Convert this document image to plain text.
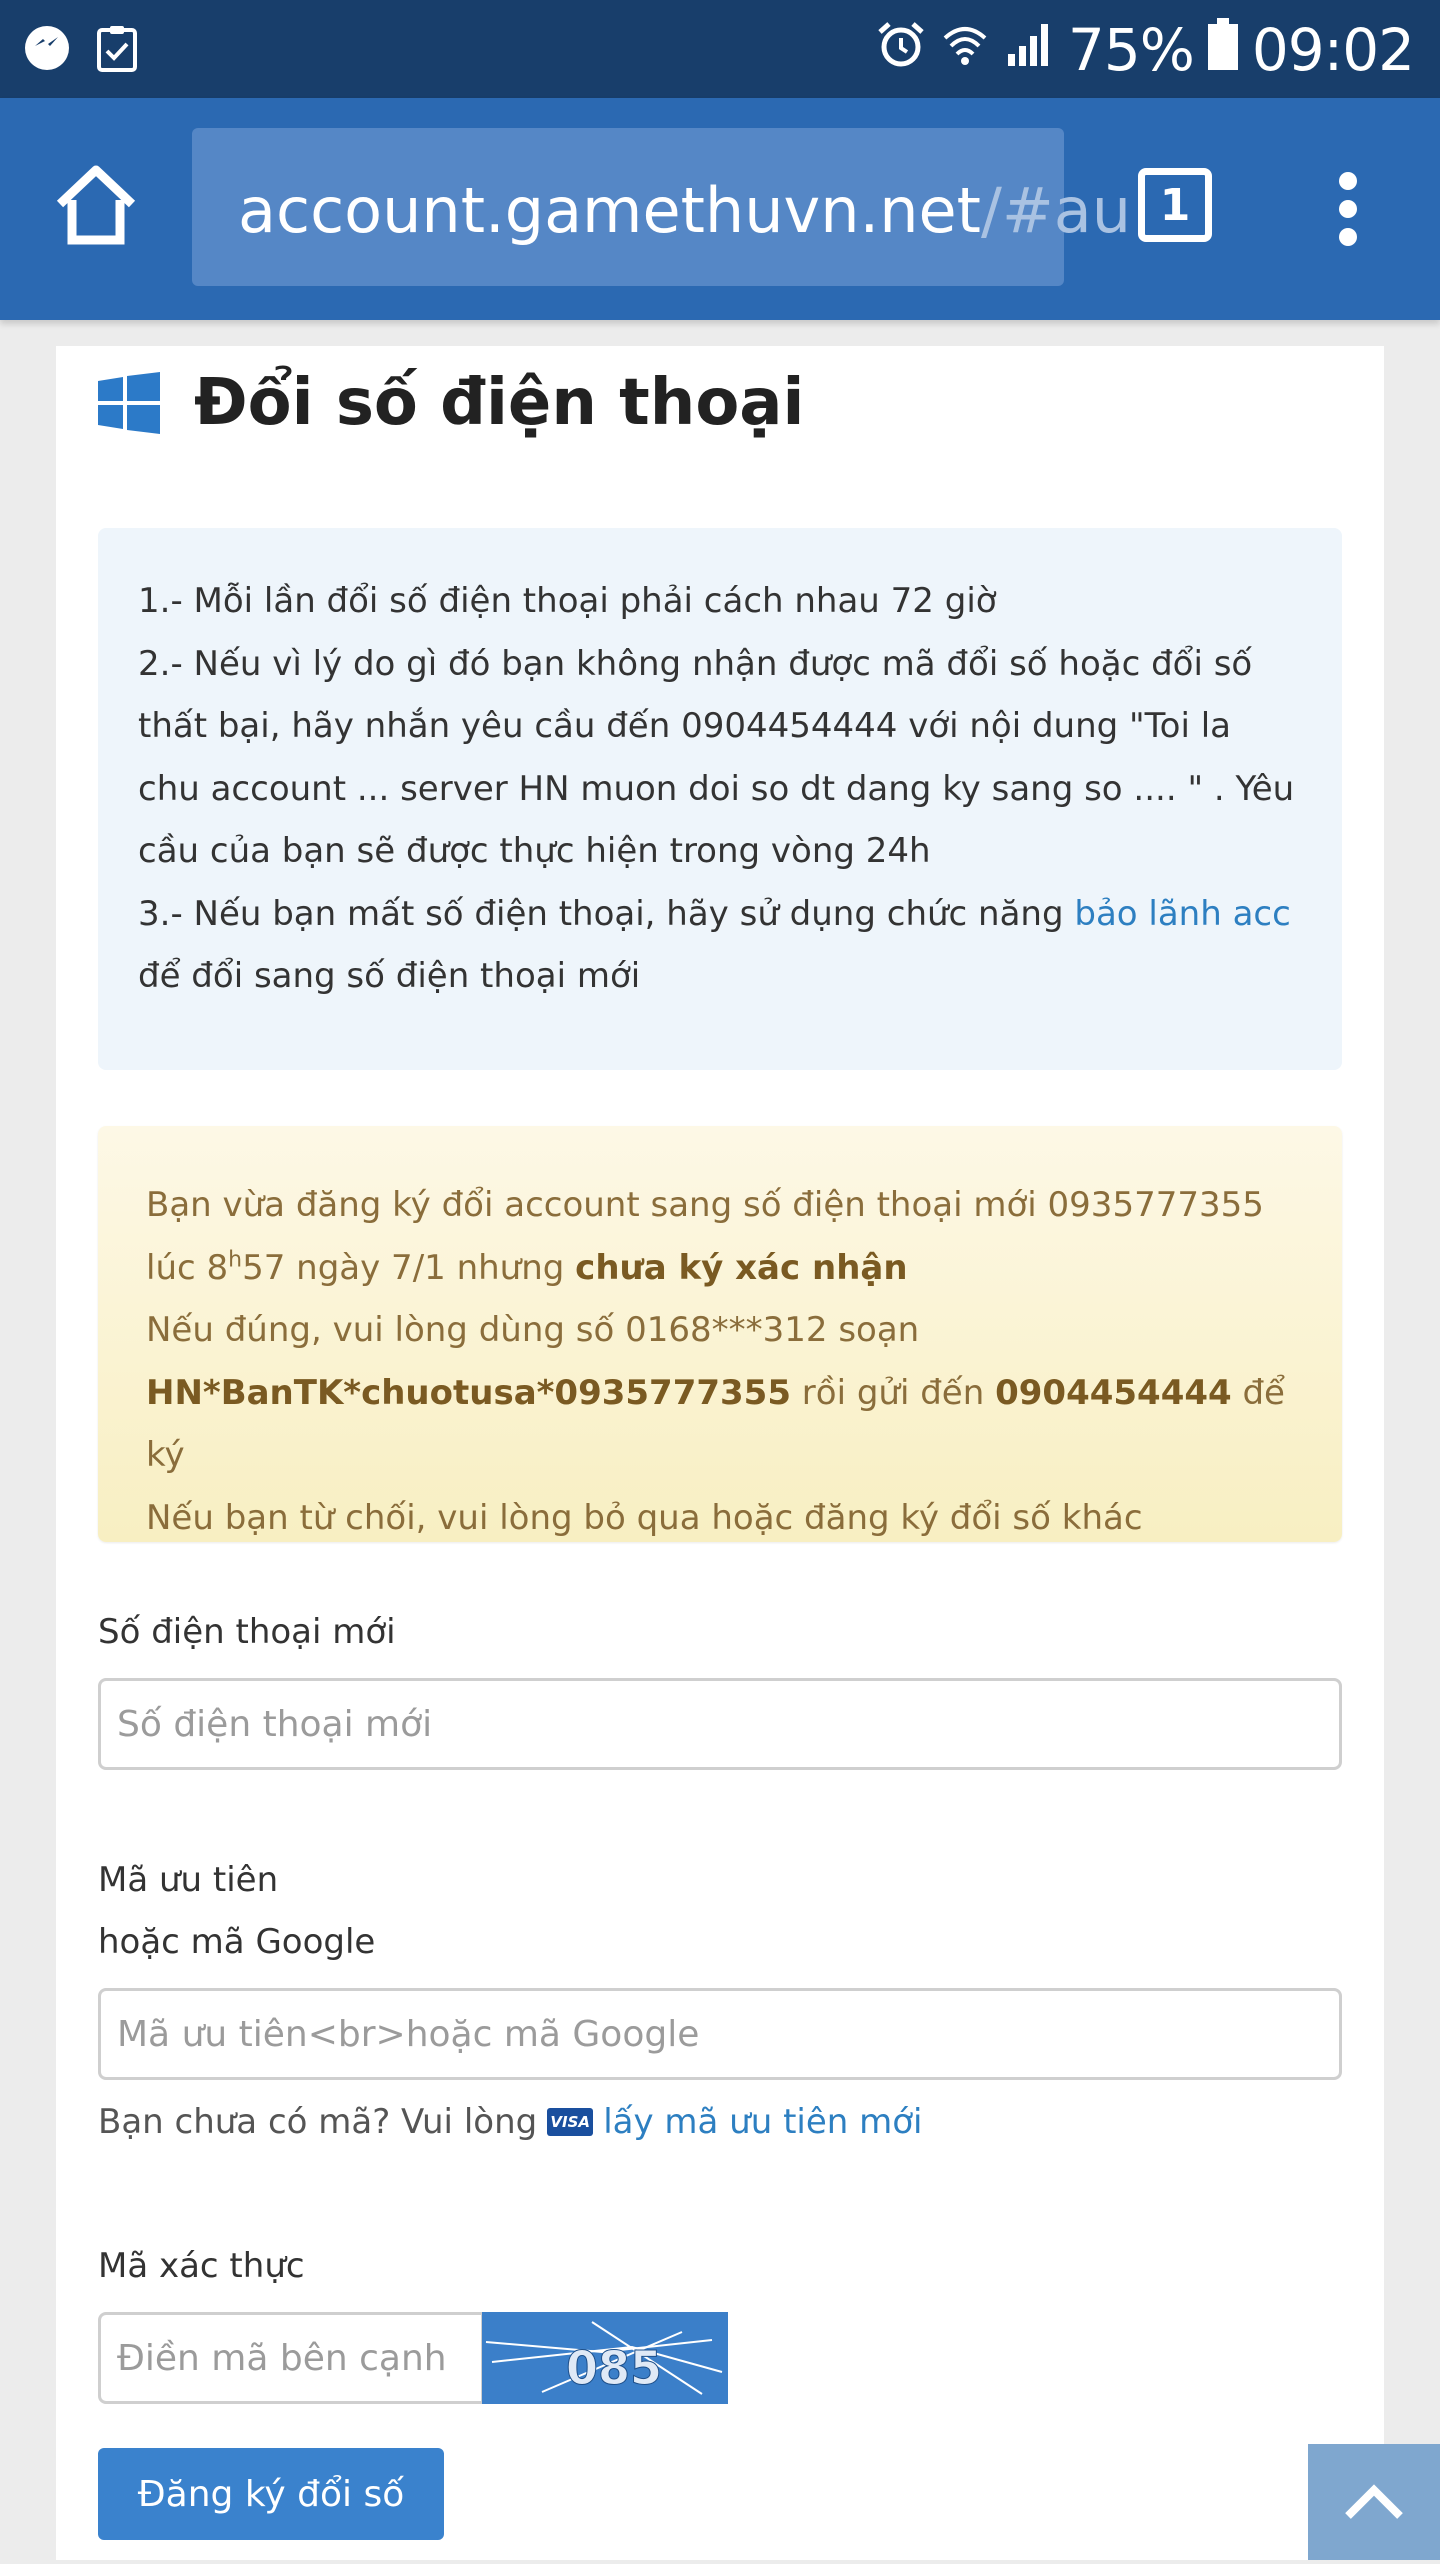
75% 09:02
account.gamethuvn.net/#au 1
Đổi số điện thoại
1.- Mỗi lần đổi số điện thoại phải cách nhau 72 giờ
2.- Nếu vì lý do gì đó bạn không nhận được mã đổi số hoặc đổi số thất bại, hãy nhắn yêu cầu đến 0904454444 với nội dung "Toi la chu account ... server HN muon doi so dt dang ky sang so .... " . Yêu cầu của bạn sẽ được thực hiện trong vòng 24h
3.- Nếu bạn mất số điện thoại, hãy sử dụng chức năng bảo lãnh acc để đổi sang số điện thoại mới
Bạn vừa đăng ký đổi account sang số điện thoại mới 0935777355 lúc 8$^h$57 ngày 7/1 nhưng chưa ký xác nhận
Nếu đúng, vui lòng dùng số 0168***312 soạn
HN*BanTK*chuotusa*0935777355 rồi gửi đến 0904454444 để ký
Nếu bạn từ chối, vui lòng bỏ qua hoặc đăng ký đổi số khác
Số điện thoại mới
Số điện thoại mới
Mã ưu tiên
hoặc mã Google
Mã ưu tiên<br>hoặc mã Google
Bạn chưa có mã? Vui lòng VISA lấy mã ưu tiên mới
Mã xác thực
Điền mã bên cạnh
085
Đăng ký đổi số
